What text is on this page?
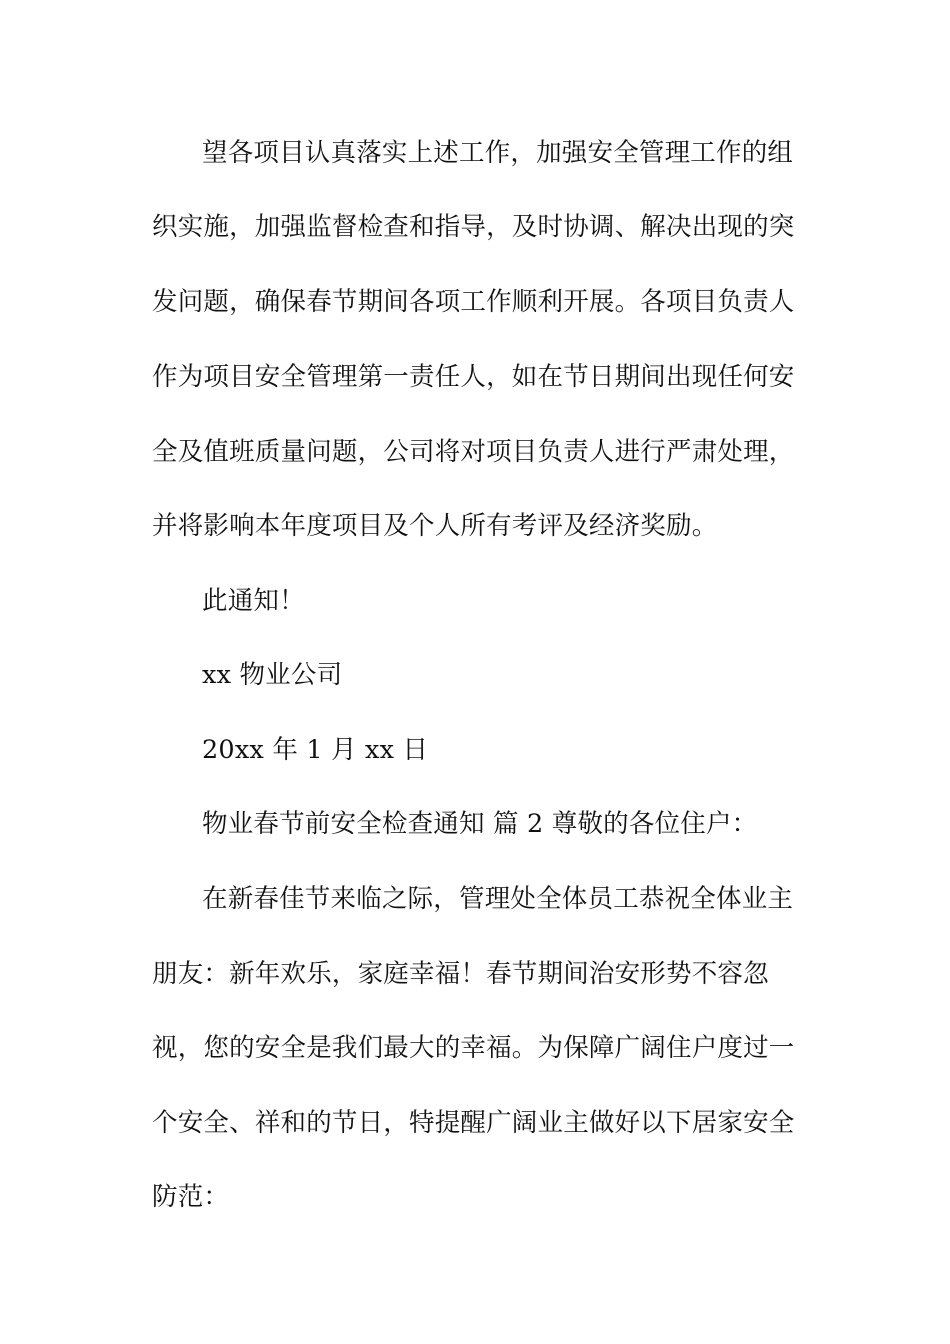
望各项目认真落实上述工作，加强安全管理工作的组
织实施，加强监督检查和指导，及时协调、解决出现的突
发问题，确保春节期间各项工作顺利开展。各项目负责人
作为项目安全管理第一责任人，如在节日期间出现任何安
全及值班质量问题，公司将对项目负责人进行严肃处理，
并将影响本年度项目及个人所有考评及经济奖励。
此通知！
xx 物业公司
20xx 年 1 月 xx 日
物业春节前安全检查通知 篇 2 尊敬的各位住户：
在新春佳节来临之际，管理处全体员工恭祝全体业主
朋友：新年欢乐，家庭幸福！春节期间治安形势不容忽
视，您的安全是我们最大的幸福。为保障广阔住户度过一
个安全、祥和的节日，特提醒广阔业主做好以下居家安全
防范：
